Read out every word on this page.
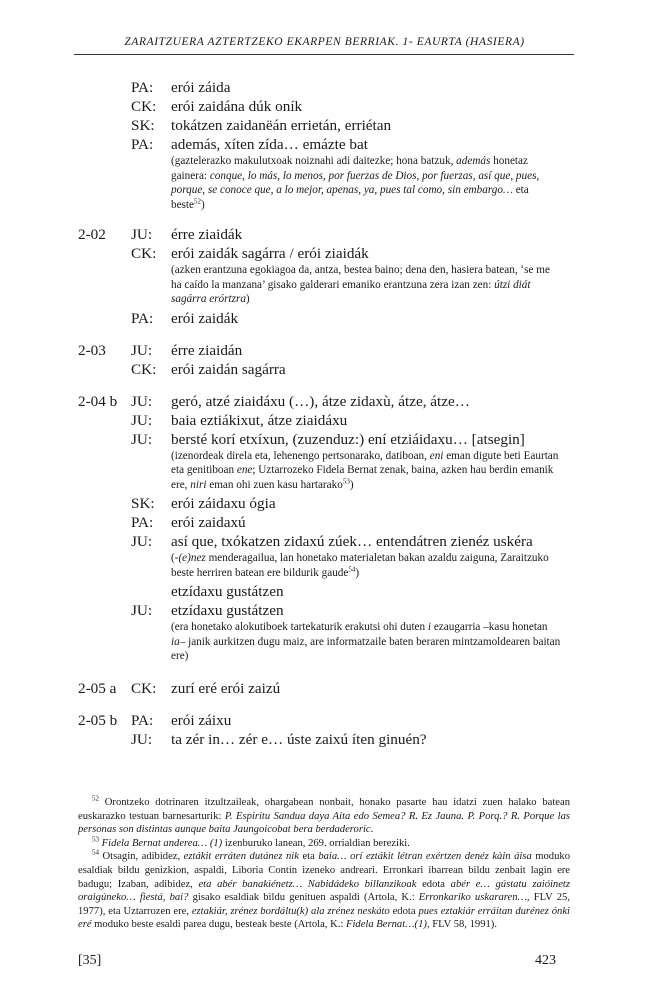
ZARAITZUERA AZTERTZEKO EKARPEN BERRIAK. 1- EAURTA (HASIERA)
PA: erói záida
CK: erói zaidána dúk oník
SK: tokátzen zaidanëán errietán, erriétan
PA: además, xíten zída… emázte bat
(gaztelerazko makulutxoak noiznahi adi daitezke; hona batzuk, además honetaz gainera: conque, lo más, lo menos, por fuerzas de Dios, por fuerzas, así que, pues, porque, se conoce que, a lo mejor, apenas, ya, pues tal como, sin embargo… eta beste$^{52}$)
2-02 JU: érre ziaidák
CK: erói zaidák sagárra / erói ziaidák
(azken erantzuna egokiagoa da, antza, bestea baino; dena den, hasiera batean, ‘se me ha caído la manzana’ gisako galderari emaniko erantzuna zera izan zen: útzi diát sagárra erórtzra)
PA: erói zaidák
2-03 JU: érre ziaidán
CK: erói zaidán sagárra
2-04 b JU: geró, atzé ziaidáxu (…), átze zidaxù, átze, átze…
JU: baia eztiákixut, átze ziaidáxu
JU: bersté korí etxíxun, (zuzenduz:) ení etziáidaxu… [atsegin]
(izenordeak direla eta, lehenengo pertsonarako, datiboan, eni eman digute beti Eaurtan eta genitiboan ene; Uztarrozeko Fidela Bernat zenak, baina, azken hau berdin emanik ere, niri eman ohi zuen kasu hartarako$^{53}$)
SK: erói záidaxu ógia
PA: erói zaidaxú
JU: así que, txókatzen zidaxú zúek… entendátren zienéz uskéra
(-(e)nez menderagailua, lan honetako materialetan bakan azaldu zaiguna, Zaraitzuko beste herriren batean ere bildurik gaude$^{54}$)
etzídaxu gustátzen
JU: etzídaxu gustátzen
(era honetako alokutiboek tartekaturik erakutsi ohi duten i ezaugarria –kasu honetan ia– janik aurkitzen dugu maiz, are informatzaile baten beraren mintzamoldearen baitan ere)
2-05 a CK: zurí eré erói zaizú
2-05 b PA: erói záixu
JU: ta zér in… zér e… úste zaixú íten ginuén?

$^{52}$ Orontzeko dotrinaren itzultzaileak, ohargabean nonbait, honako pasarte hau idatzi zuen halako batean euskarazko testuan barnesarturik: P. Espiritu Sandua daya Aita edo Semea? R. Ez Jauna. P. Porq.? R. Porque las personas son distintas aunque baita Jaungoicobat bera berdaderoric.

$^{53}$ Fidela Bernat anderea… (1) izenburuko lanean, 269. orrialdian bereziki.

$^{54}$ Otsagin, adibidez, eztákit erráten dutánez nik eta baia… orí eztákit létran exértzen denéz kàin áisa moduko esaldiak bildu genizkion, aspaldi, Liboria Contín izeneko andreari. Erronkari ibarrean bildu zenbait lagin ere badugu; Izaban, adibidez, eta abér banakiénetz… Nabidádeko billanzikoak edota abér e… gústatu zaióinetz oraigúneko… fiestá, bai? gisako esaldiak bildu genituen aspaldi (Artola, K.: Erronkariko uskararen…, FLV 25, 1977), eta Uztarrozen ere, eztakiár, zrénez bordáltu(k) ala zrénez neskáto edota pues eztakiár erráitan durénez ónki eré moduko beste esaldi parea dugu, besteak beste (Artola, K.: Fidela Bernat…(1), FLV 58, 1991).

[35]	423
